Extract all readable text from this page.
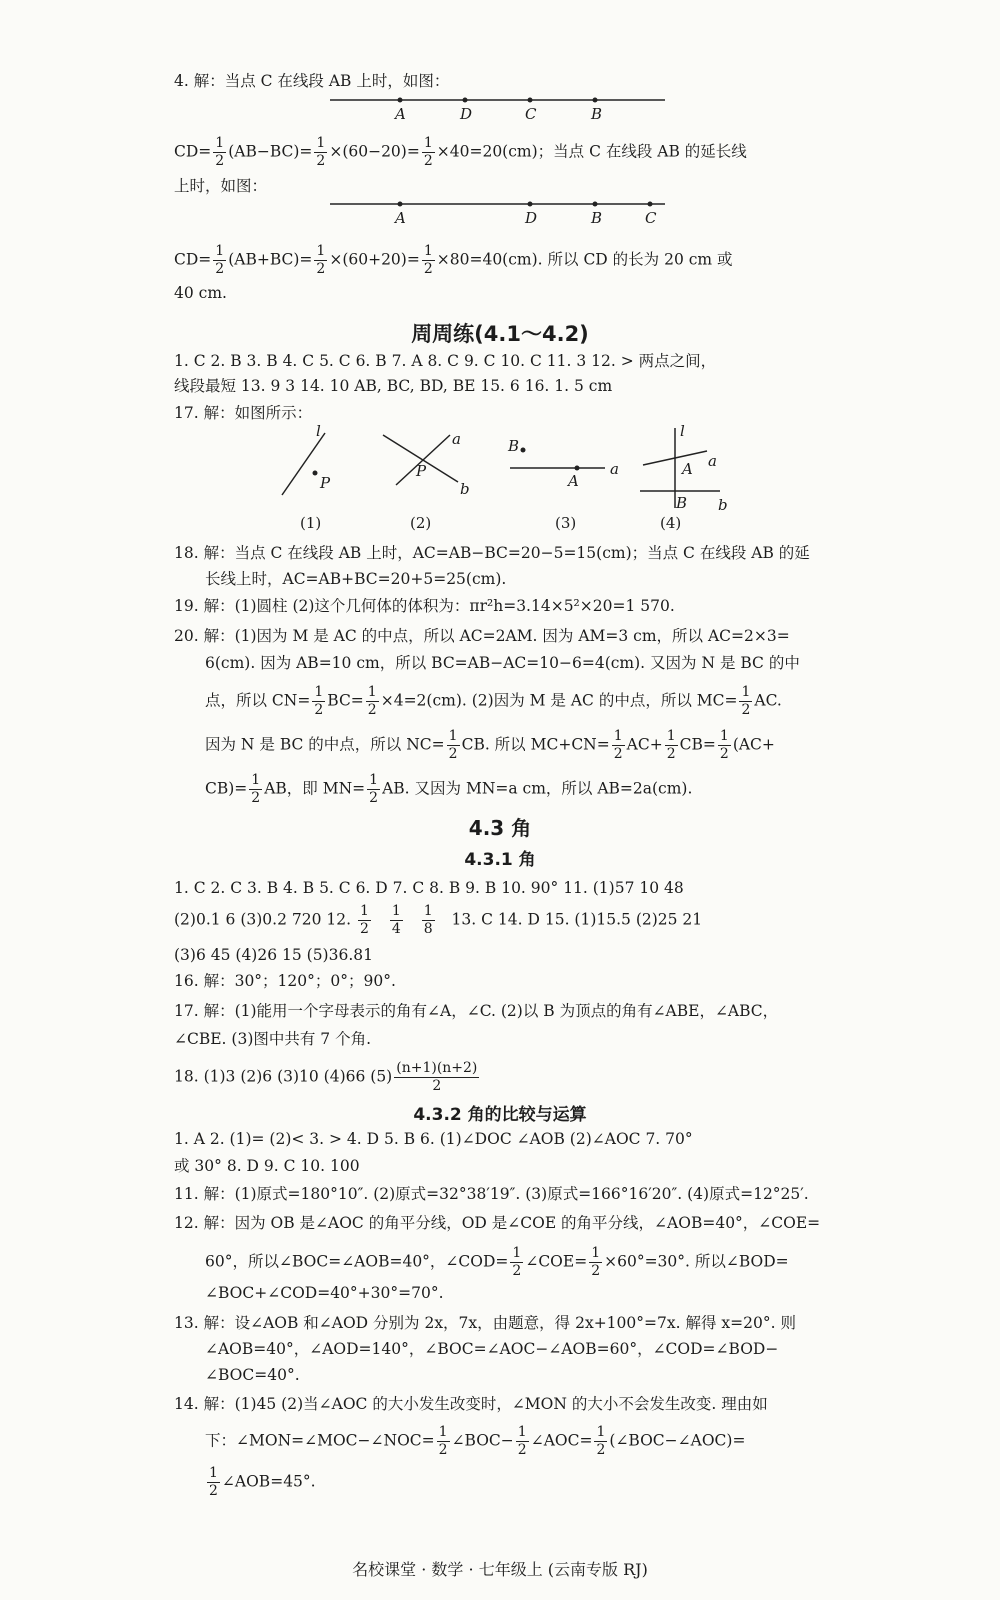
4. 解：当点 C 在线段 AB 上时，如图：
A	D	C	B
$CD= \frac{1}{2} (AB-BC)= \frac{1}{2} \times(60-20)= \frac{1}{2} \times 40=20(cm)$；当点 C 在线段 AB 的延长线
上时，如图：
A	D	B	C
$CD= \frac{1}{2} (AB+BC)= \frac{1}{2} \times(60+20)= \frac{1}{2} \times 80=40(cm)$. 所以 CD 的长为 20 cm 或
40 cm.
周周练(4.1～4.2)
1. C 2. B 3. B 4. C 5. C 6. B 7. A 8. C 9. C 10. C 11. 3 12. > 两点之间，
线段最短 13. 9 3 14. 10 AB, BC, BD, BE 15. 6 16. 1. 5 cm
17. 解：如图所示：
l
P
a
P
b
B
A
a
l
a
A
B b
(1)	(2)	(3)	(4)
18. 解：当点 C 在线段 AB 上时，AC=AB−BC=20−5=15(cm)；当点 C 在线段 AB 的延
长线上时，AC=AB+BC=20+5=25(cm).
19. 解：(1)圆柱 (2)这个几何体的体积为：πr²h=3.14×5²×20=1 570.
20. 解：(1)因为 M 是 AC 的中点，所以 AC=2AM. 因为 AM=3 cm，所以 AC=2×3=
6(cm). 因为 AB=10 cm，所以 BC=AB−AC=10−6=4(cm). 又因为 N 是 BC 的中
点，所以 $CN= \frac{1}{2} BC= \frac{1}{2} \times 4=2(cm)$. (2)因为 M 是 AC 的中点，所以 $MC= \frac{1}{2}$ AC.
因为 N 是 BC 的中点，所以 $NC= \frac{1}{2}$ CB. 所以 $MC+CN= \frac{1}{2} AC+ \frac{1}{2} CB= \frac{1}{2} (AC+$
$CB)= \frac{1}{2}$ AB，即 $MN= \frac{1}{2}$ AB. 又因为 MN=a cm，所以 AB=2a(cm).
4.3 角
4.3.1 角
1. C 2. C 3. B 4. B 5. C 6. D 7. C 8. B 9. B 10. 90° 11. (1)57 10 48
(2)0.1 6 (3)0.2 720 12. $\frac{1}{2}$
$\frac{1}{4}$
$\frac{1}{8} 13$. C 14. D 15. (1)15.5 (2)25 21
(3)6 45 (4)26 15 (5)36.81
16. 解：30°；120°；0°；90°.
17. 解：(1)能用一个字母表示的角有∠A，∠C. (2)以 B 为顶点的角有∠ABE，∠ABC，
∠CBE. (3)图中共有 7 个角.
18. (1)3 (2)6 (3)10 (4)66 $(5) \frac{(n+1)(n+2)}{2}$
4.3.2 角的比较与运算
1. A 2. (1)= (2)< 3. > 4. D 5. B 6. (1)∠DOC ∠AOB (2)∠AOC 7. 70°
或 30° 8. D 9. C 10. 100
11. 解：(1)原式=180°10″. (2)原式=32°38′19″. (3)原式=166°16′20″. (4)原式=12°25′.
12. 解：因为 OB 是∠AOC 的角平分线，OD 是∠COE 的角平分线，∠AOB=40°，∠COE=
60°，所以∠BOC=∠AOB=40°，∠COD= $\frac{1}{2}$ ∠COE= $\frac{1}{2} \times 60^\circ=30^\circ$. 所以∠BOD=
∠BOC+∠COD=40°+30°=70°.
13. 解：设∠AOB 和∠AOD 分别为 2x，7x，由题意，得 2x+100°=7x. 解得 x=20°. 则
∠AOB=40°，∠AOD=140°，∠BOC=∠AOC−∠AOB=60°，∠COD=∠BOD−
∠BOC=40°.
14. 解：(1)45 (2)当∠AOC 的大小发生改变时，∠MON 的大小不会发生改变. 理由如
下：∠MON=∠MOC−∠NOC= $\frac{1}{2}$ ∠BOC− $\frac{1}{2}$ ∠AOC= $\frac{1}{2}$ (∠BOC−∠AOC)=
$\frac{1}{2}$ ∠AOB=45°.
名校课堂 · 数学 · 七年级上 (云南专版 RJ)
